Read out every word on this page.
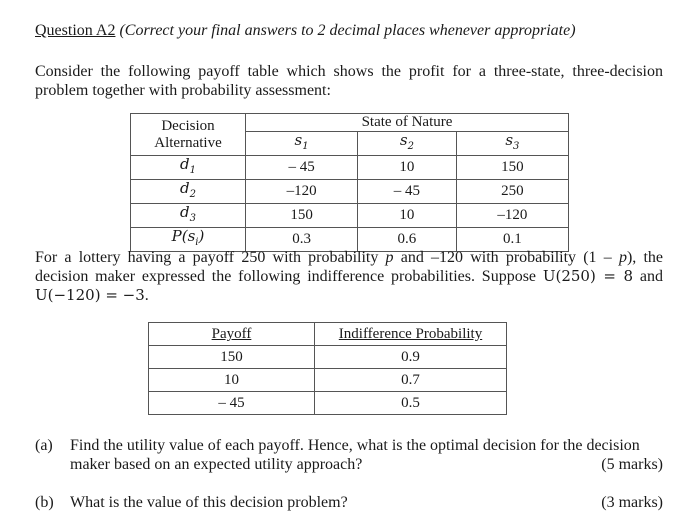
Question A2 (Correct your final answers to 2 decimal places whenever appropriate)
Consider the following payoff table which shows the profit for a three-state, three-decision problem together with probability assessment:
Decision
Alternative	State of Nature		
	$s_1$	$s_2$	$s_3$
$d_1$	– 45	10	150
$d_2$	–120	– 45	250
$d_3$	150	10	–120
$P(s_i)$	0.3	0.6	0.1
For a lottery having a payoff 250 with probability p and –120 with probability (1 – p), the decision maker expressed the following indifference probabilities. Suppose U(250) = 8 and U(−120) = −3.
Payoff	Indifference Probability
150	0.9
10	0.7
– 45	0.5
(a) Find the utility value of each payoff. Hence, what is the optimal decision for the decision
maker based on an expected utility approach?	(5 marks)
(b) What is the value of this decision problem?	(3 marks)
